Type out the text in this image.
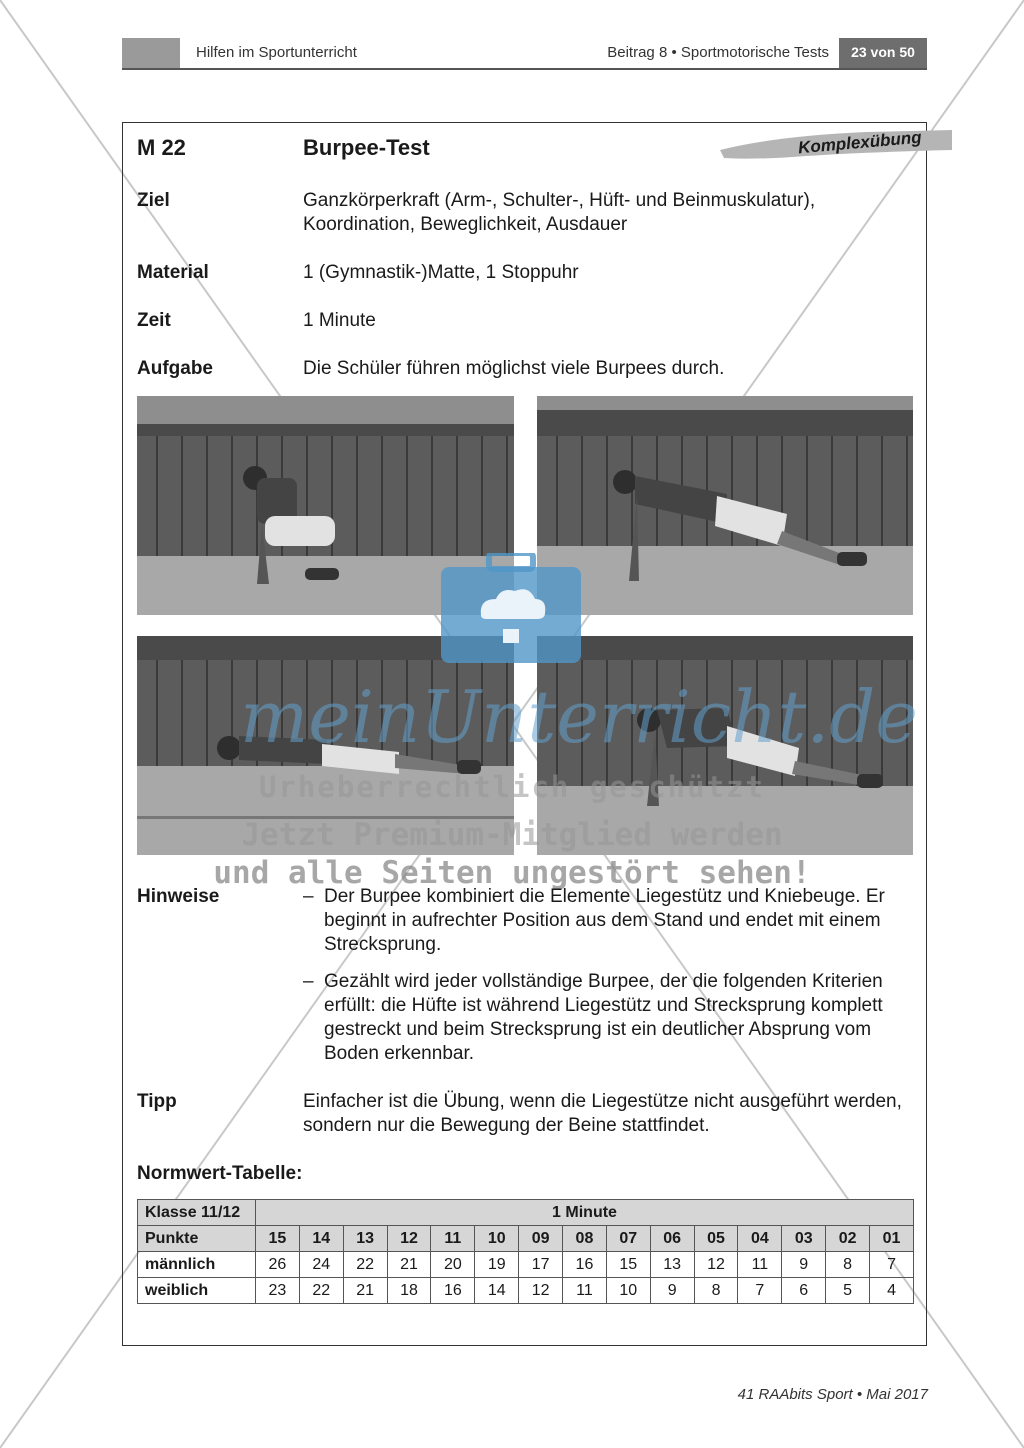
Hilfen im Sportunterricht	Beitrag 8 • Sportmotorische Tests	23 von 50
M 22	Burpee-Test	Komplexübung
Ziel	Ganzkörperkraft (Arm-, Schulter-, Hüft- und Beinmuskulatur),
Koordination, Beweglichkeit, Ausdauer
Material	1 (Gymnastik-)Matte, 1 Stoppuhr
Zeit	1 Minute
Aufgabe	Die Schüler führen möglichst viele Burpees durch.
meinUnterricht.de
Urheberrechtlich geschützt
Jetzt Premium-Mitglied werden
und alle Seiten ungestört sehen!
Hinweise	– Der Burpee kombiniert die Elemente Liegestütz und Kniebeuge. Er beginnt in aufrechter Position aus dem Stand und endet mit einem Strecksprung.
– Gezählt wird jeder vollständige Burpee, der die folgenden Kriterien erfüllt: die Hüfte ist während Liegestütz und Strecksprung komplett gestreckt und beim Strecksprung ist ein deutlicher Absprung vom Boden erkennbar.
Tipp	Einfacher ist die Übung, wenn die Liegestütze nicht ausgeführt werden, sondern nur die Bewegung der Beine stattfindet.
Normwert-Tabelle:
Klasse 11/12	1 Minute														
Punkte	15	14	13	12	11	10	09	08	07	06	05	04	03	02	01
männlich	26	24	22	21	20	19	17	16	15	13	12	11	9	8	7
weiblich	23	22	21	18	16	14	12	11	10	9	8	7	6	5	4
41 RAAbits Sport • Mai 2017
